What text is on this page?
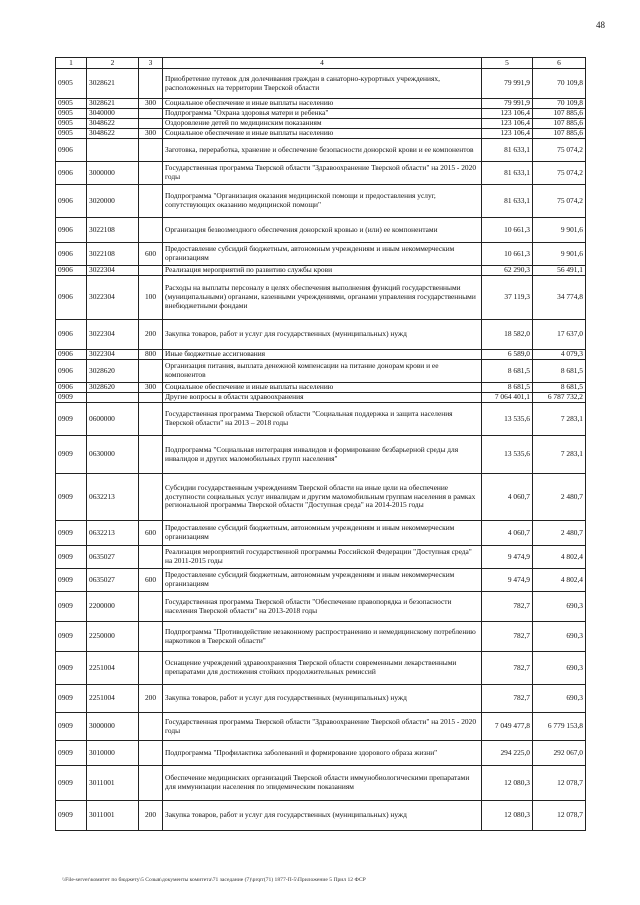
48
1	2	3	4	5	6
0905	3028621		Приобретение путевок для долечивания граждан в санаторно-курортных учреждениях, расположенных на территории Тверской области	79 991,9	70 109,8
0905	3028621	300	Социальное обеспечение и иные выплаты населению	79 991,9	70 109,8
0905	3040000		Подпрограмма "Охрана здоровья матери и ребенка"	123 106,4	107 885,6
0905	3048622		Оздоровление детей по медицинским показаниям	123 106,4	107 885,6
0905	3048622	300	Социальное обеспечение и иные выплаты населению	123 106,4	107 885,6
0906			Заготовка, переработка, хранение и обеспечение безопасности донорской крови и ее компонентов	81 633,1	75 074,2
0906	3000000		Государственная программа Тверской области "Здравоохранение Тверской области" на 2015 - 2020 годы	81 633,1	75 074,2
0906	3020000		Подпрограмма "Организация оказания медицинской помощи и предоставления услуг, сопутствующих оказанию медицинской помощи"	81 633,1	75 074,2
0906	3022108		Организация безвозмездного обеспечения донорской кровью и (или) ее компонентами	10 661,3	9 901,6
0906	3022108	600	Предоставление субсидий бюджетным, автономным учреждениям и иным некоммерческим организациям	10 661,3	9 901,6
0906	3022304		Реализация мероприятий по развитию службы крови	62 290,3	56 491,1
0906	3022304	100	Расходы на выплаты персоналу в целях обеспечения выполнения функций государственными (муниципальными) органами, казенными учреждениями, органами управления государственными внебюджетными фондами	37 119,3	34 774,8
0906	3022304	200	Закупка товаров, работ и услуг для государственных (муниципальных) нужд	18 582,0	17 637,0
0906	3022304	800	Иные бюджетные ассигнования	6 589,0	4 079,3
0906	3028620		Организация питания, выплата денежной компенсации на питание донорам крови и ее компонентов	8 681,5	8 681,5
0906	3028620	300	Социальное обеспечение и иные выплаты населению	8 681,5	8 681,5
0909			Другие вопросы в области здравоохранения	7 064 401,1	6 787 732,2
0909	0600000		Государственная программа Тверской области "Социальная поддержка и защита населения Тверской области" на 2013 – 2018 годы	13 535,6	7 283,1
0909	0630000		Подпрограмма "Социальная интеграция инвалидов и формирование безбарьерной среды для инвалидов и других маломобильных групп населения"	13 535,6	7 283,1
0909	0632213		Субсидии государственным учреждениям Тверской области на иные цели на обеспечение доступности социальных услуг инвалидам и другим маломобильным группам населения в рамках региональной программы Тверской области "Доступная среда" на 2014-2015 годы	4 060,7	2 480,7
0909	0632213	600	Предоставление субсидий бюджетным, автономным учреждениям и иным некоммерческим организациям	4 060,7	2 480,7
0909	0635027		Реализация мероприятий государственной программы Российской Федерации "Доступная среда" на 2011-2015 годы	9 474,9	4 802,4
0909	0635027	600	Предоставление субсидий бюджетным, автономным учреждениям и иным некоммерческим организациям	9 474,9	4 802,4
0909	2200000		Государственная программа Тверской области "Обеспечение правопорядка и безопасности населения Тверской области" на 2013-2018 годы	782,7	690,3
0909	2250000		Подпрограмма "Противодействие незаконному распространению и немедицинскому потреблению наркотиков в Тверской области"	782,7	690,3
0909	2251004		Оснащение учреждений здравоохранения Тверской области современными лекарственными препаратами для достижения стойких продолжительных ремиссий	782,7	690,3
0909	2251004	200	Закупка товаров, работ и услуг для государственных (муниципальных) нужд	782,7	690,3
0909	3000000		Государственная программа Тверской области "Здравоохранение Тверской области" на 2015 - 2020 годы	7 049 477,8	6 779 153,8
0909	3010000		Подпрограмма "Профилактика заболеваний и формирование здорового образа жизни"	294 225,0	292 067,0
0909	3011001		Обеспечение медицинских организаций Тверской области иммунобиологическими препаратами для иммунизации населения по эпидемическим показаниям	12 080,3	12 078,7
0909	3011001	200	Закупка товаров, работ и услуг для государственных (муниципальных) нужд	12 080,3	12 078,7
\\File-server\комитет по бюджету\5 Созыв\документы комитета\71 заседание (7)\prqrr(71) 1877-П-5\Приложение 5 Прил 12 ФСР
